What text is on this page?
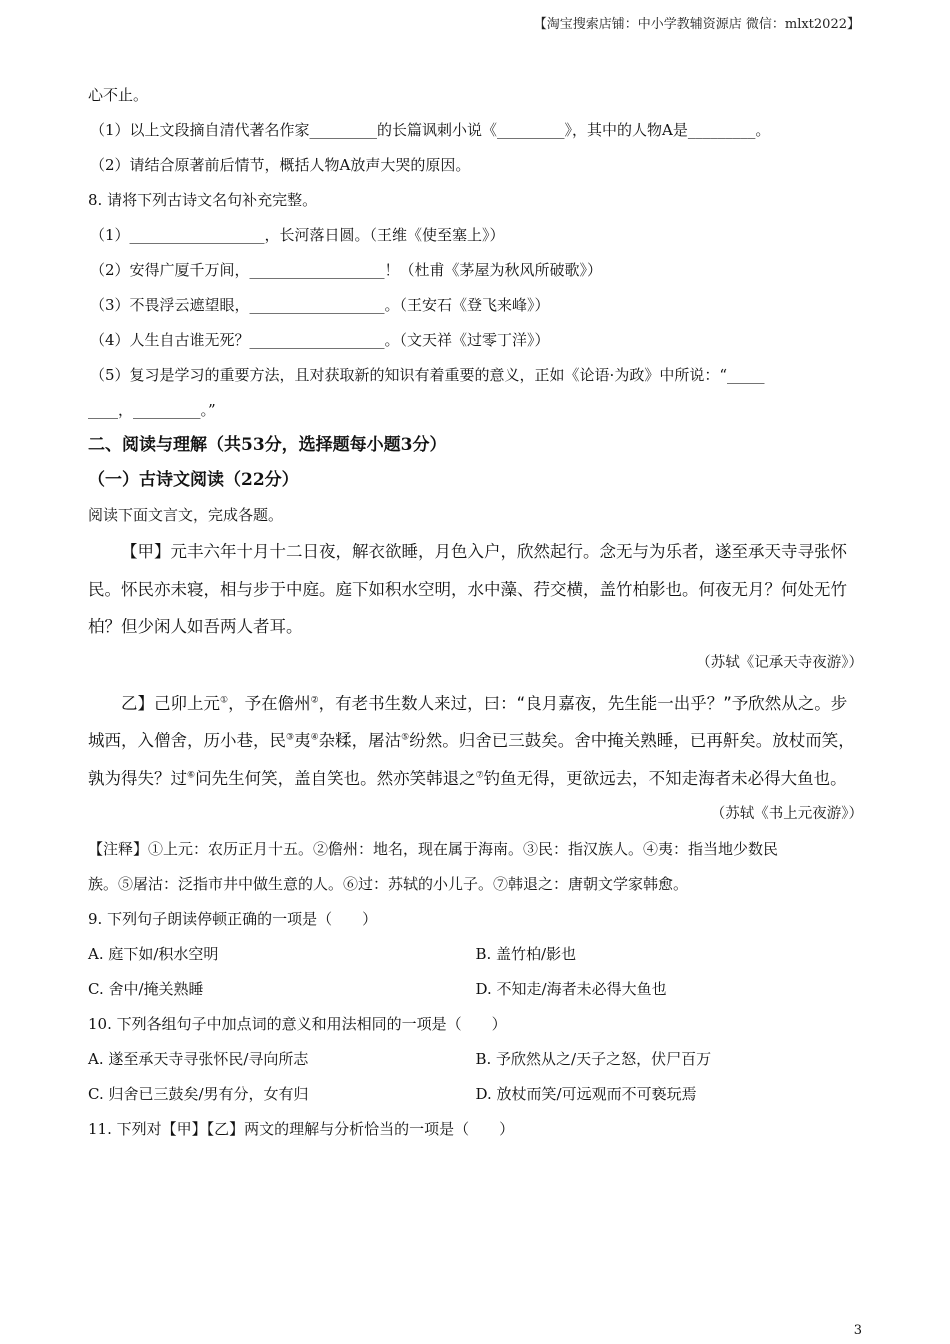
【淘宝搜索店铺：中小学教辅资源店 微信：mlxt2022】
心不止。
（1）以上文段摘自清代著名作家_________的长篇讽刺小说《_________》，其中的人物A是_________。
（2）请结合原著前后情节，概括人物A放声大哭的原因。
8. 请将下列古诗文名句补充完整。
（1）__________________，长河落日圆。（王维《使至塞上》）
（2）安得广厦千万间，__________________！（杜甫《茅屋为秋风所破歌》）
（3）不畏浮云遮望眼，__________________。（王安石《登飞来峰》）
（4）人生自古谁无死？__________________。（文天祥《过零丁洋》）
（5）复习是学习的重要方法，且对获取新的知识有着重要的意义，正如《论语·为政》中所说：“_____
____，_________。”
二、阅读与理解（共53分，选择题每小题3分）
（一）古诗文阅读（22分）
阅读下面文言文，完成各题。
【甲】元丰六年十月十二日夜，解衣欲睡，月色入户，欣然起行。念无与为乐者，遂至承天寺寻张怀民。怀民亦未寝，相与步于中庭。庭下如积水空明，水中藻、荇交横，盖竹柏影也。何夜无月？何处无竹柏？但少闲人如吾两人者耳。
（苏轼《记承天寺夜游》）
乙】己卯上元①，予在儋州②，有老书生数人来过，曰：“良月嘉夜，先生能一出乎？”予欣然从之。步城西，入僧舍，历小巷，民③夷④杂糅，屠沽⑤纷然。归舍已三鼓矣。舍中掩关熟睡，已再鼾矣。放杖而笑，孰为得失？过⑥问先生何笑，盖自笑也。然亦笑韩退之⑦钓鱼无得，更欲远去，不知走海者未必得大鱼也。
（苏轼《书上元夜游》）
【注释】①上元：农历正月十五。②儋州：地名，现在属于海南。③民：指汉族人。④夷：指当地少数民
族。⑤屠沽：泛指市井中做生意的人。⑥过：苏轼的小儿子。⑦韩退之：唐朝文学家韩愈。
9. 下列句子朗读停顿正确的一项是（　　）
A. 庭下如/积水空明	B. 盖竹柏/影也
C. 舍中/掩关熟睡	D. 不知走/海者未必得大鱼也
10. 下列各组句子中加点词的意义和用法相同的一项是（　　）
A. 遂至承天寺寻张怀民/寻向所志	B. 予欣然从之/天子之怒，伏尸百万
C. 归舍已三鼓矣/男有分，女有归	D. 放杖而笑/可远观而不可亵玩焉
11. 下列对【甲】【乙】两文的理解与分析恰当的一项是（　　）
3
